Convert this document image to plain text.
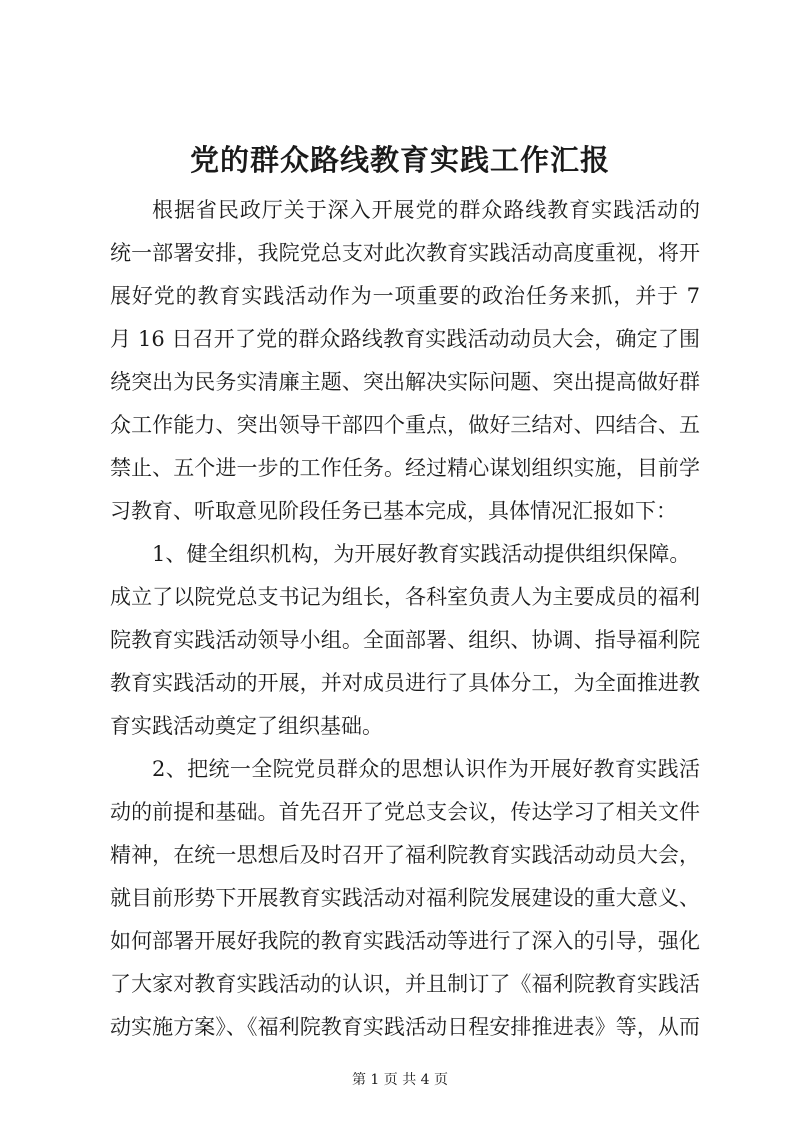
党的群众路线教育实践工作汇报
根据省民政厅关于深入开展党的群众路线教育实践活动的
统一部署安排，我院党总支对此次教育实践活动高度重视，将开
展好党的教育实践活动作为一项重要的政治任务来抓，并于 7
月 16 日召开了党的群众路线教育实践活动动员大会，确定了围
绕突出为民务实清廉主题、突出解决实际问题、突出提高做好群
众工作能力、突出领导干部四个重点，做好三结对、四结合、五
禁止、五个进一步的工作任务。经过精心谋划组织实施，目前学
习教育、听取意见阶段任务已基本完成，具体情况汇报如下：
1、健全组织机构，为开展好教育实践活动提供组织保障。
成立了以院党总支书记为组长，各科室负责人为主要成员的福利
院教育实践活动领导小组。全面部署、组织、协调、指导福利院
教育实践活动的开展，并对成员进行了具体分工，为全面推进教
育实践活动奠定了组织基础。
2、把统一全院党员群众的思想认识作为开展好教育实践活
动的前提和基础。首先召开了党总支会议，传达学习了相关文件
精神，在统一思想后及时召开了福利院教育实践活动动员大会，
就目前形势下开展教育实践活动对福利院发展建设的重大意义、
如何部署开展好我院的教育实践活动等进行了深入的引导，强化
了大家对教育实践活动的认识，并且制订了《福利院教育实践活
第 1 页 共 4 页
动实施方案》、《福利院教育实践活动日程安排推进表》等，从而
